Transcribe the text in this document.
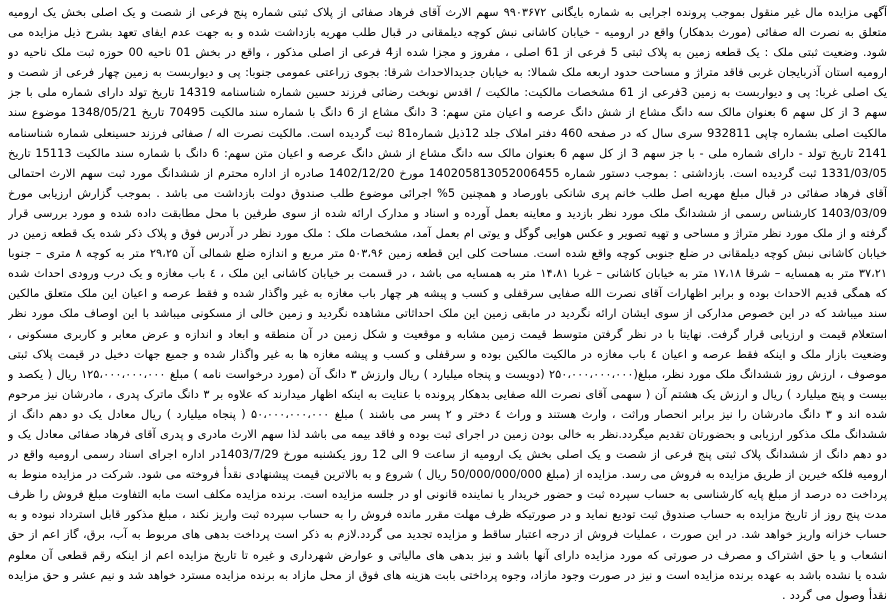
آگهی مزایده مال غیر منقول بموجب پرونده اجرایی به شماره بایگانی ۹۹۰۳۶۷۲ سهم الارث آقای فرهاد صفائی از پلاک ثبتی شماره پنج فرعی از شصت و یک اصلی بخش یک ارومیه متعلق به نصرت اله صفائی (مورث بدهکار) واقع در ارومیه - خیابان کاشانی نبش کوچه دیلمقانی در قبال طلب مهریه بازداشت شده و به جهت عدم ایفای تعهد بشرح ذیل مزایده می شود. وضعیت ثبتی ملک : یک قطعه زمین به پلاک ثبتی 5 فرعی از 61 اصلی ، مفروز و مجزا شده از4 فرعی از اصلی مذکور ، واقع در بخش 01 ناحیه 00 حوزه ثبت ملک ناحیه دو ارومیه استان آذربایجان غربی فاقد متراژ و مساحت حدود اربعه ملک شمالا: به خیابان جدیدالاحداث شرقا: بجوی زراعتی عمومی جنوبا: پی و دیواربست به زمین چهار فرعی از شصت و یک اصلی غربا: پی و دیواربست به زمین 3فرعی از 61 مشخصات مالکیت: مالکیت / اقدس نوبخت رضائی فرزند حسین شماره شناسنامه 14319 تاریخ تولد دارای شماره ملی با جز سهم 3 از کل سهم 6 بعنوان مالک سه دانگ مشاع از شش دانگ عرصه و اعیان متن سهم: 3 دانگ مشاع از 6 دانگ با شماره سند مالکیت 70495 تاریخ 1348/05/21 موضوع سند مالکیت اصلی بشماره چاپی 932811 سری سال که در صفحه 460 دفتر املاک جلد 12ذیل شماره81 ثبت گردیده است. مالکیت نصرت اله / صفائی فرزند حسینعلی شماره شناسنامه 2141 تاریخ تولد - دارای شماره ملی - با جز سهم 3 از کل سهم 6 بعنوان مالک سه دانگ مشاع از شش دانگ عرصه و اعیان متن سهم: 6 دانگ با شماره سند مالکیت 15113 تاریخ 1331/03/05 ثبت گردیده است. بازداشتی : بموجب دستور شماره 140205813052006455 مورخ 1402/12/20 صادره از اداره محترم از ششدانگ مورد ثبت سهم الارث احتمالی آقای فرهاد صفائی در قبال مبلغ مهریه اصل طلب خانم پری شانکی باورصاد و همچنین 5% اجرائی موضوع طلب صندوق دولت بازداشت می باشد . بموجب گزارش ارزیابی مورخ 1403/03/09 کارشناس رسمی از ششدانگ ملک مورد نظر بازدید و معاینه بعمل آورده و اسناد و مدارک ارائه شده از سوی طرفین با محل مطابقت داده شده و مورد بررسی قرار گرفته و از ملک مورد نظر متراژ و مساحی و تهیه تصویر و عکس هوایی گوگل و یوتی ام بعمل آمد، مشخصات ملک : ملک مورد نظر در آدرس فوق و پلاک ذکر شده یک قطعه زمین در خیابان کاشانی نبش کوچه دیلمقانی در ضلع جنوبی کوچه واقع شده است. مساحت کلی این قطعه زمین ۵۰۳،۹۶ متر مربع و اندازه ضلع شمالی آن ۲۹،۲۵ متر به کوچه ۸ متری – جنوبا ۳۷،۲۱ متر به همسایه – شرقا ۱۷،۱۸ متر به خیابان کاشانی – غربا ۱۴،۸۱ متر به همسایه می باشد ، در قسمت بر خیابان کاشانی این ملک ، ٤ باب مغازه و یک درب ورودی احداث شده که همگی قدیم الاحداث بوده و برابر اظهارات آقای نصرت الله صفایی سرقفلی و کسب و پیشه هر چهار باب مغازه به غیر واگذار شده و فقط عرصه و اعیان این ملک متعلق مالکین سند میباشد که در این خصوص مدارکی از سوی ایشان ارائه نگردید در مابقی زمین این ملک احداثاتی مشاهده نگردید و زمین خالی از مسکونی میباشد با این اوصاف ملک مورد نظر استعلام قیمت و ارزیابی قرار گرفت. نهایتا با در نظر گرفتن متوسط قیمت زمین مشابه و موقعیت و شکل زمین در آن منطقه و ابعاد و اندازه و عرض معابر و کاربری مسکونی ، وضعیت بازار ملک و اینکه فقط عرصه و اعیان ٤ باب مغازه در مالکیت مالکین بوده و سرقفلی و کسب و پیشه مغازه ها به غیر واگذار شده و جمیع جهات دخیل در قیمت پلاک ثبتی موصوف ، ارزش روز ششدانگ ملک مورد نظر، مبلغ(۲۵۰،۰۰۰،۰۰۰،۰۰۰ (دویست و پنجاه میلیارد ) ریال وارزش ۳ دانگ آن (مورد درخواست نامه ) مبلغ ۱۲۵،۰۰۰،۰۰۰،۰۰۰ ریال ( یکصد و بیست و پنج میلیارد ) ریال و ارزش یک هشتم آن ( سهمی آقای نصرت الله صفایی بدهکار پرونده با عنایت به اینکه اظهار میدارند که علاوه بر ۳ دانگ ماترک پدری ، مادرشان نیز مرحوم شده اند و ۳ دانگ مادرشان را نیز برابر انحصار وراثت ، وارث هستند و وراث ٤ دختر و ۲ پسر می باشند ) مبلغ ۵۰،۰۰۰،۰۰۰،۰۰۰ ( پنجاه میلیارد ) ریال معادل یک دو دهم دانگ از ششدانگ ملک مذکور ارزیابی و بحضورتان تقدیم میگردد.نظر به خالی بودن زمین در اجرای ثبت بوده و فاقد بیمه می باشد لذا سهم الارث مادری و پدری آقای فرهاد صفائی معادل یک و دو دهم دانگ از ششدانگ پلاک ثبتی پنج فرعی از شصت و یک اصلی بخش یک ارومیه از ساعت 9 الی 12 روز یکشنبه مورخ 1403/7/29در اداره اجرای اسناد رسمی ارومیه واقع در ارومیه فلکه خیرین از طریق مزایده به فروش می رسد. مزایده از (مبلغ 50/000/000/000 ریال ) شروع و به بالاترین قیمت پیشنهادی نقدأ فروخته می شود. شرکت در مزایده منوط به پرداخت ده درصد از مبلغ پایه کارشناسی به حساب سپرده ثبت و حضور خریدار یا نماینده قانونی او در جلسه مزایده است. برنده مزایده مکلف است مابه التفاوت مبلغ فروش را ظرف مدت پنج روز از تاریخ مزایده به حساب صندوق ثبت تودیع نماید و در صورتیکه ظرف مهلت مقرر مانده فروش را به حساب سپرده ثبت واریز نکند ، مبلغ مذکور قابل استرداد نبوده و به حساب خزانه واریز خواهد شد. در این صورت ، عملیات فروش از درجه اعتبار ساقط و مزایده تجدید می گردد.لازم به ذکر است پرداخت بدهی های مربوط به آب، برق، گاز اعم از حق انشعاب و یا حق اشتراک و مصرف در صورتی که مورد مزایده دارای آنها باشد و نیز بدهی های مالیاتی و عوارض شهرداری و غیره تا تاریخ مزایده اعم از اینکه رقم قطعی آن معلوم شده یا نشده باشد به عهده برنده مزایده است و نیز در صورت وجود مازاد، وجوه پرداختی بابت هزینه های فوق از محل مازاد به برنده مزایده مسترد خواهد شد و نیم عشر و حق مزایده نقدأ وصول می گردد .
